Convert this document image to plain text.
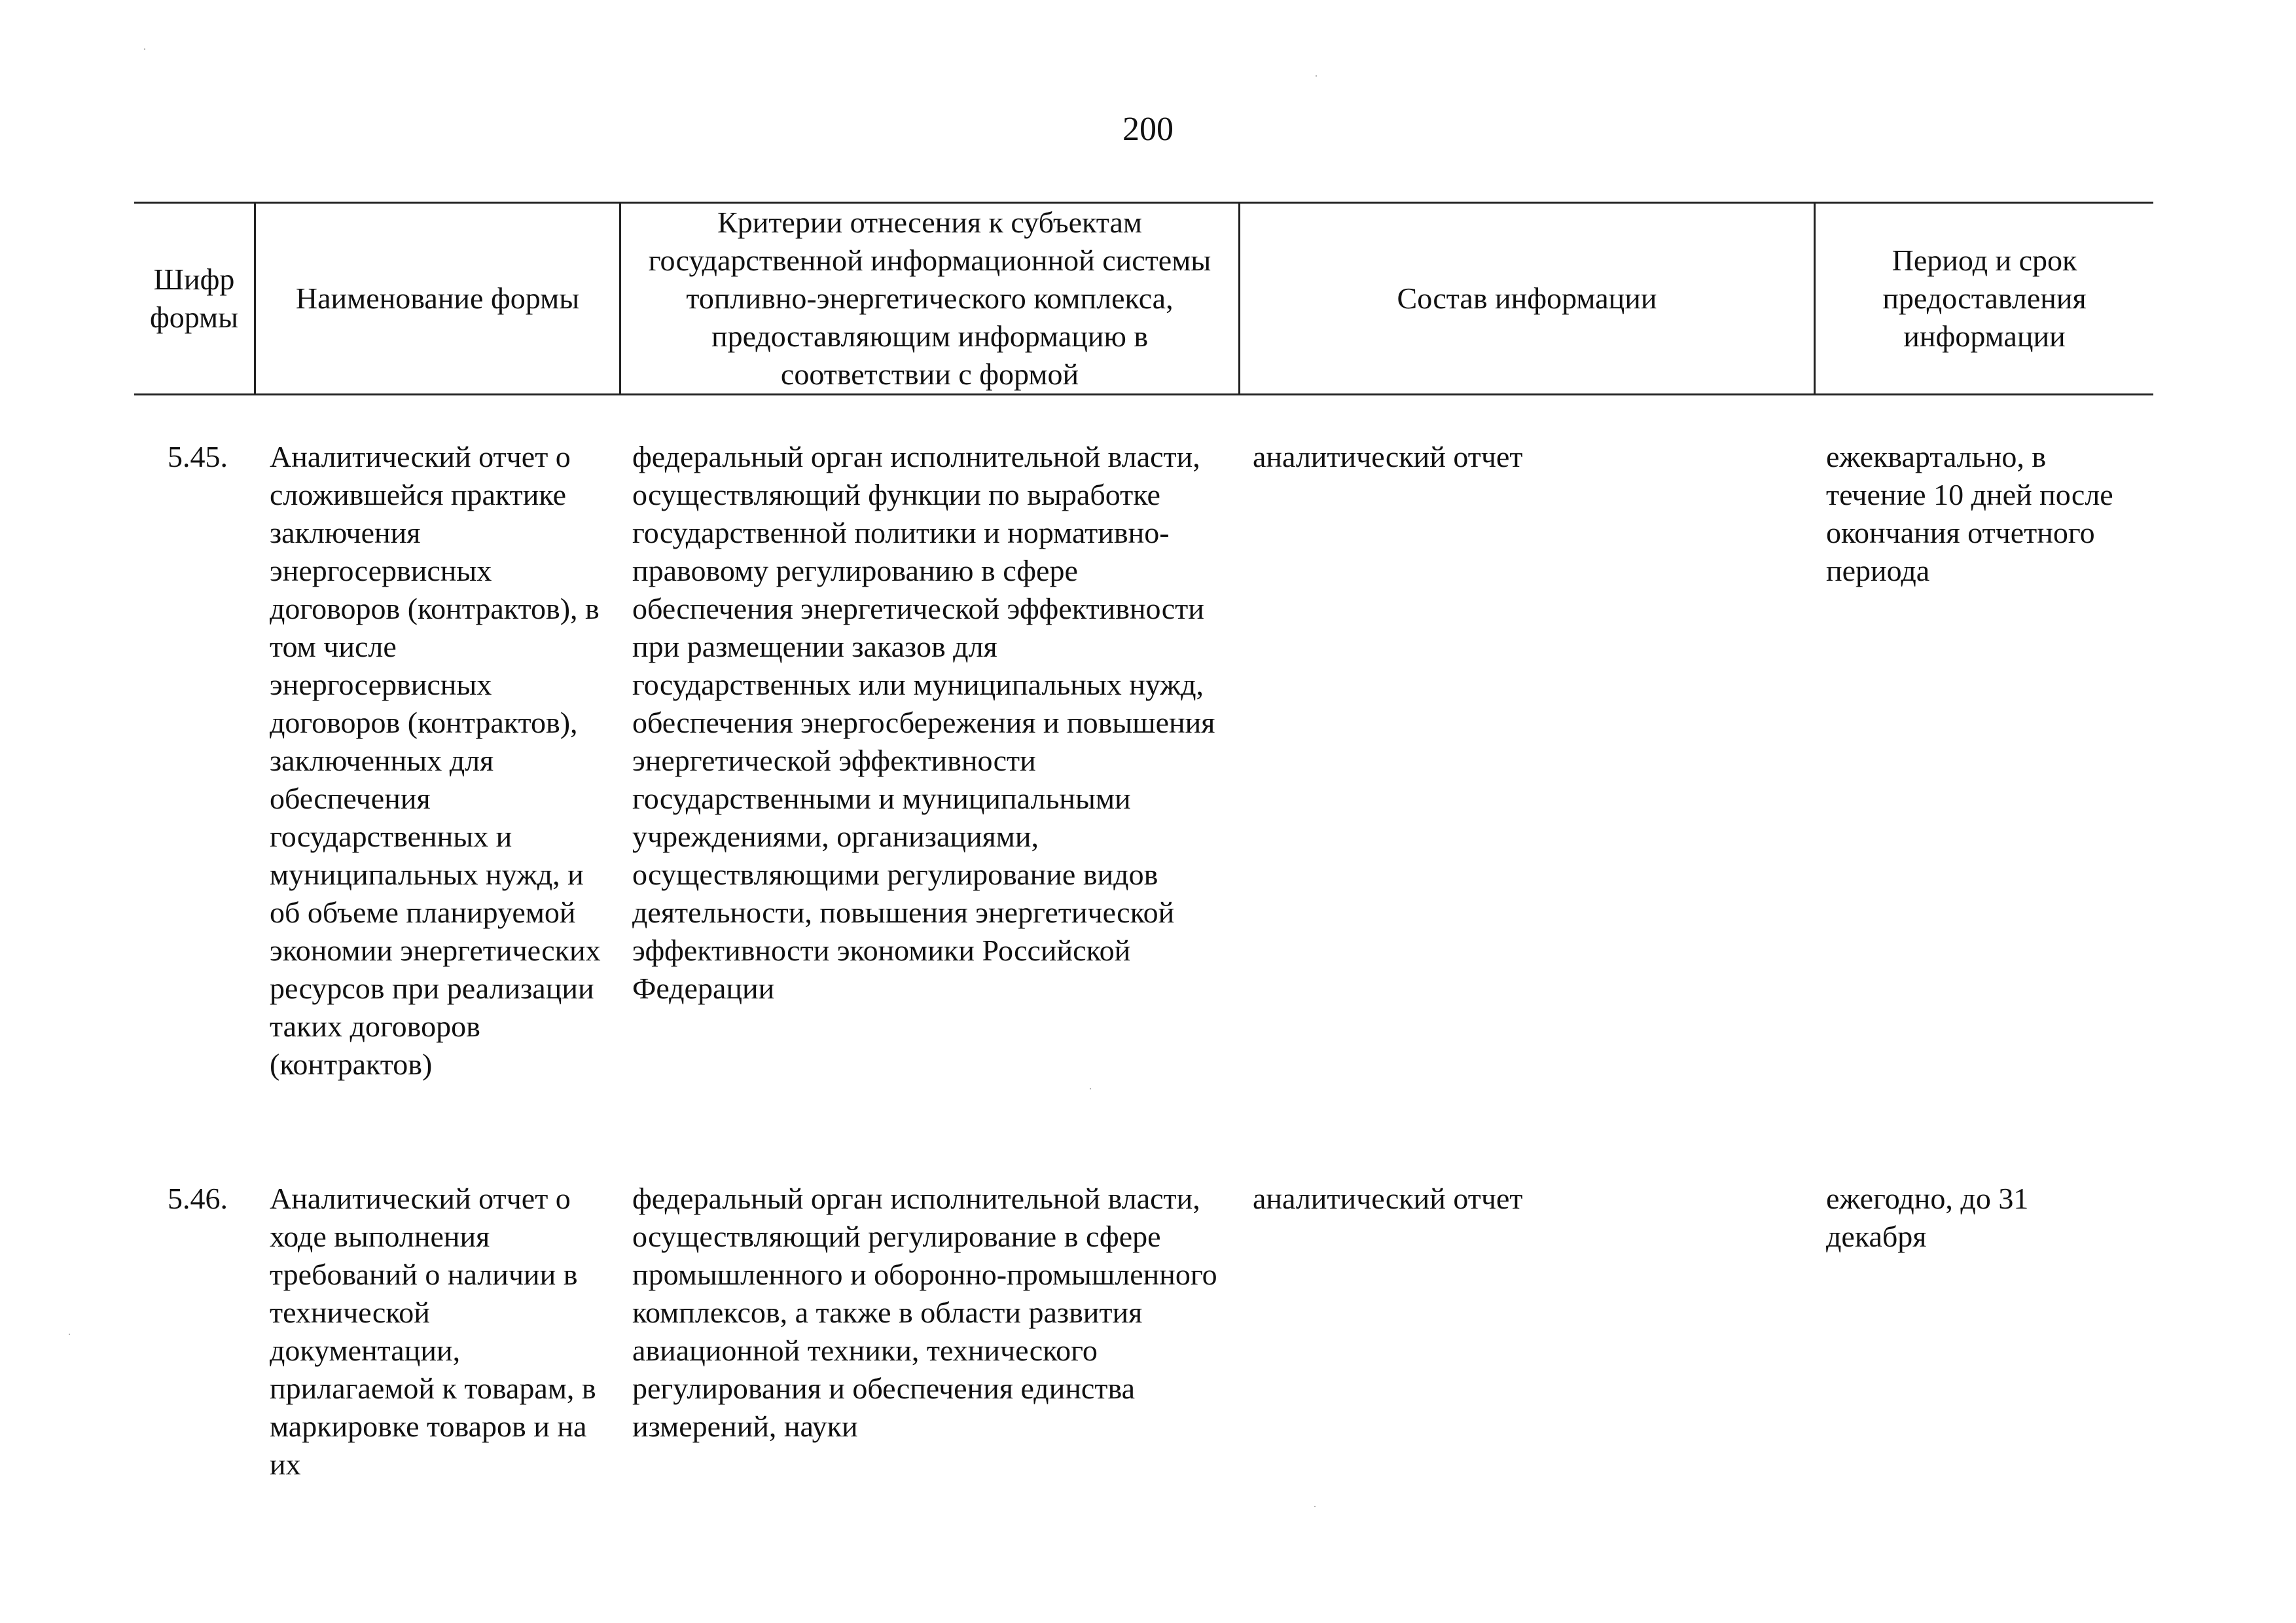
200
Шифр формы
Наименование формы
Критерии отнесения к субъектам государственной информационной системы топливно-энергетического комплекса, предоставляющим информацию в соответствии с формой
Состав информации
Период и срок предоставления информации
5.45. Аналитический отчет о сложившейся практике заключения энергосервисных договоров (контрактов), в том числе энергосервисных договоров (контрактов), заключенных для обеспечения государственных и муниципальных нужд, и об объеме планируемой экономии энергетических ресурсов при реализации таких договоров (контрактов)
федеральный орган исполнительной власти, осуществляющий функции по выработке государственной политики и нормативно-правовому регулированию в сфере обеспечения энергетической эффективности при размещении заказов для государственных или муниципальных нужд, обеспечения энергосбережения и повышения энергетической эффективности государственными и муниципальными учреждениями, организациями, осуществляющими регулирование видов деятельности, повышения энергетической эффективности экономики Российской Федерации
аналитический отчет	ежеквартально, в течение 10 дней после окончания отчетного периода
5.46. Аналитический отчет о ходе выполнения требований о наличии в технической документации, прилагаемой к товарам, в маркировке товаров и на их
федеральный орган исполнительной власти, осуществляющий регулирование в сфере промышленного и оборонно-промышленного комплексов, а также в области развития авиационной техники, технического регулирования и обеспечения единства измерений, науки
аналитический отчет	ежегодно, до 31 декабря
